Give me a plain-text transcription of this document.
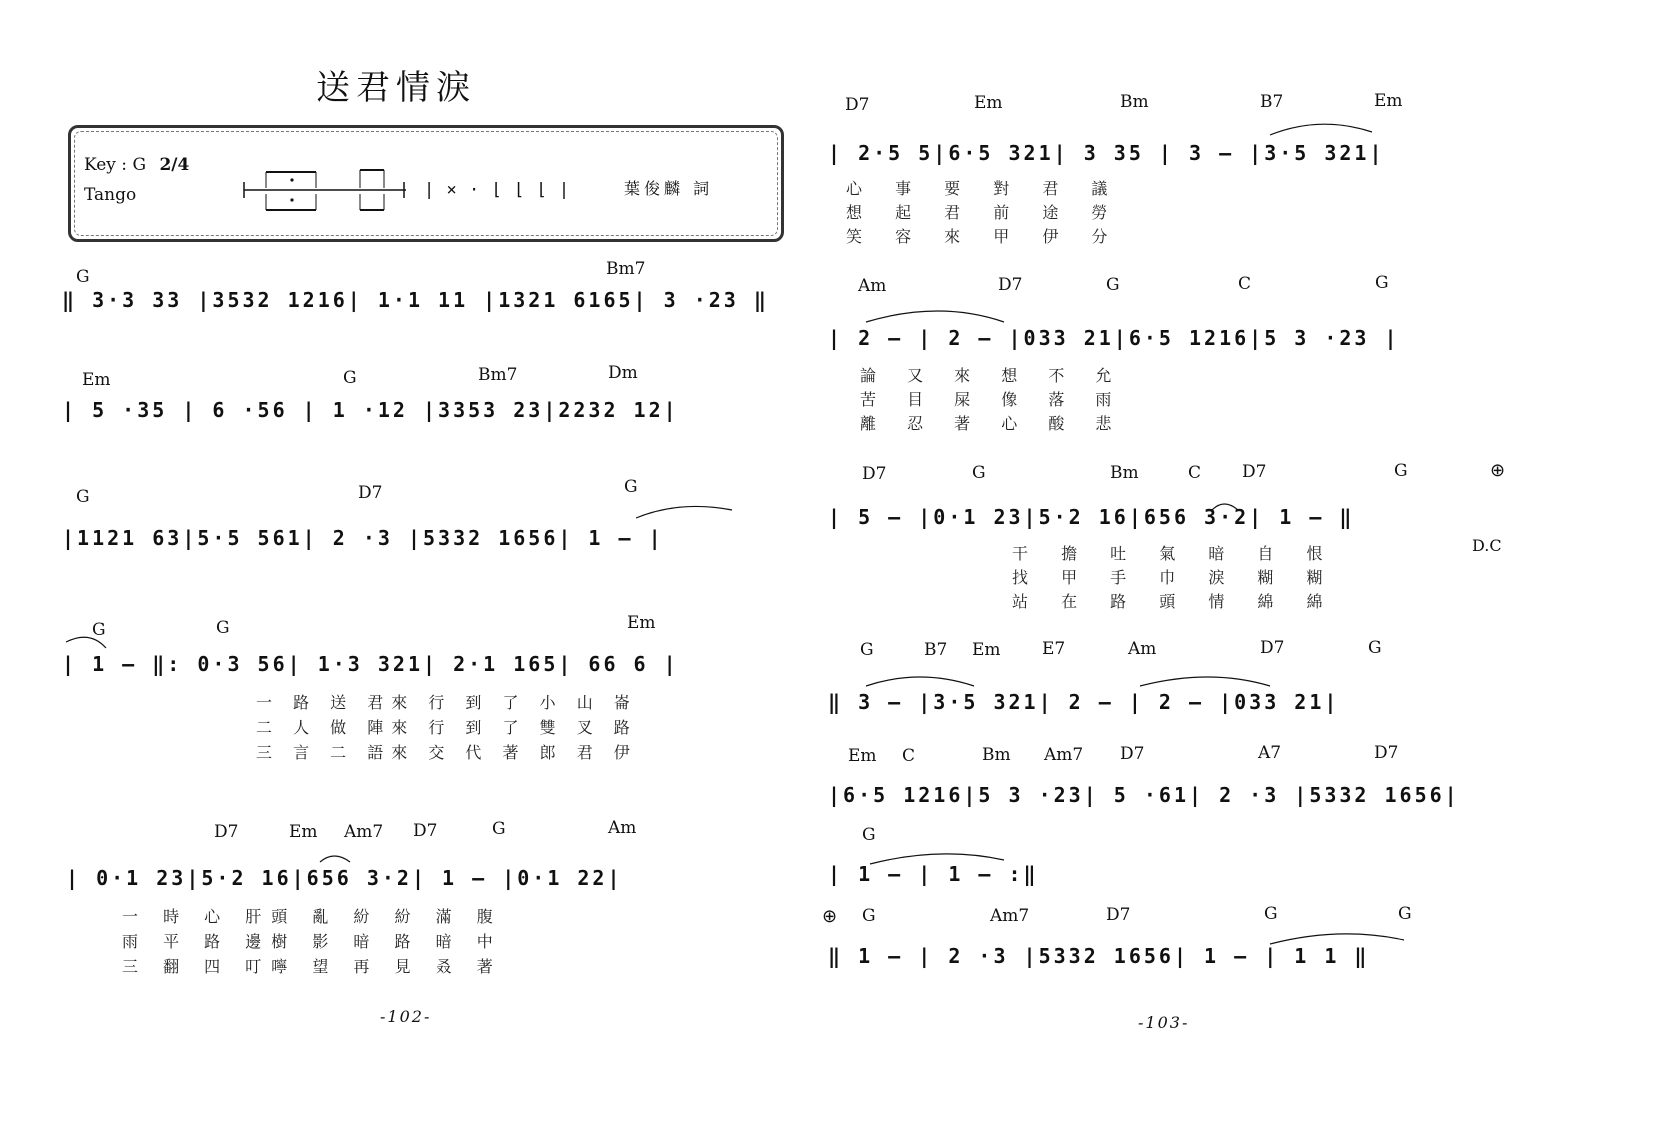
送君情淚
Key : G 2/4
Tango	| × · ⌊ ⌊ ⌊ |	葉俊麟 詞
G	Bm7
Em	G	Bm7	Dm
G	D7	G
G	G	Em
D7	Em Am7 D7	G	Am
‖ 3·3 33 |3532 1216| 1·1 11 |1321 6165| 3 ·23 ‖
| 5 ·35 | 6 ·56 | 1 ·12 |3353 23|2232 12|
|1121 63|5·5 561| 2 ·3 |5332 1656| 1 – |
| 1 – ‖: 0·3 56| 1·3 321| 2·1 165| 66 6 |
| 0·1 23|5·2 16|656 3·2| 1 – |0·1 22|
一 路 送 君來 行 到 了 小 山 崙
二 人 做 陣來 行 到 了 雙 叉 路
三 言 二 語來 交 代 著 郎 君 伊
一 時 心 肝頭 亂 紛 紛 滿 腹
雨 平 路 邊樹 影 暗 路 暗 中
三 翻 四 叮嚀 望 再 見 叒 著
-102-
D7	Em	Bm	B7	Em
Am	D7	G	C	G
D7	G	Bm	C D7	G
G	B7 Em E7	Am	D7	G
Em C	Bm Am7 D7	A7	D7
G
G	Am7	D7	G	G
| 2·5 5|6·5 321| 3 35 | 3 – |3·5 321|
| 2 – | 2 – |033 21|6·5 1216|5 3 ·23 |
| 5 – |0·1 23|5·2 16|656 3·2| 1 – ‖
‖ 3 – |3·5 321| 2 – | 2 – |033 21|
|6·5 1216|5 3 ·23| 5 ·61| 2 ·3 |5332 1656|
| 1 – | 1 – :‖
‖ 1 – | 2 ·3 |5332 1656| 1 – | 1 1 ‖
心 事 要 對 君 議
想 起 君 前 途 勞
笑 容 來 甲 伊 分
論 又 來 想 不 允
苦 目 屎 像 落 雨
離 忍 著 心 酸 悲
干 擔 吐 氣 暗 自 恨
找 甲 手 巾 淚 糊 糊
站 在 路 頭 情 綿 綿
D.C
⊕
⊕
-103-
